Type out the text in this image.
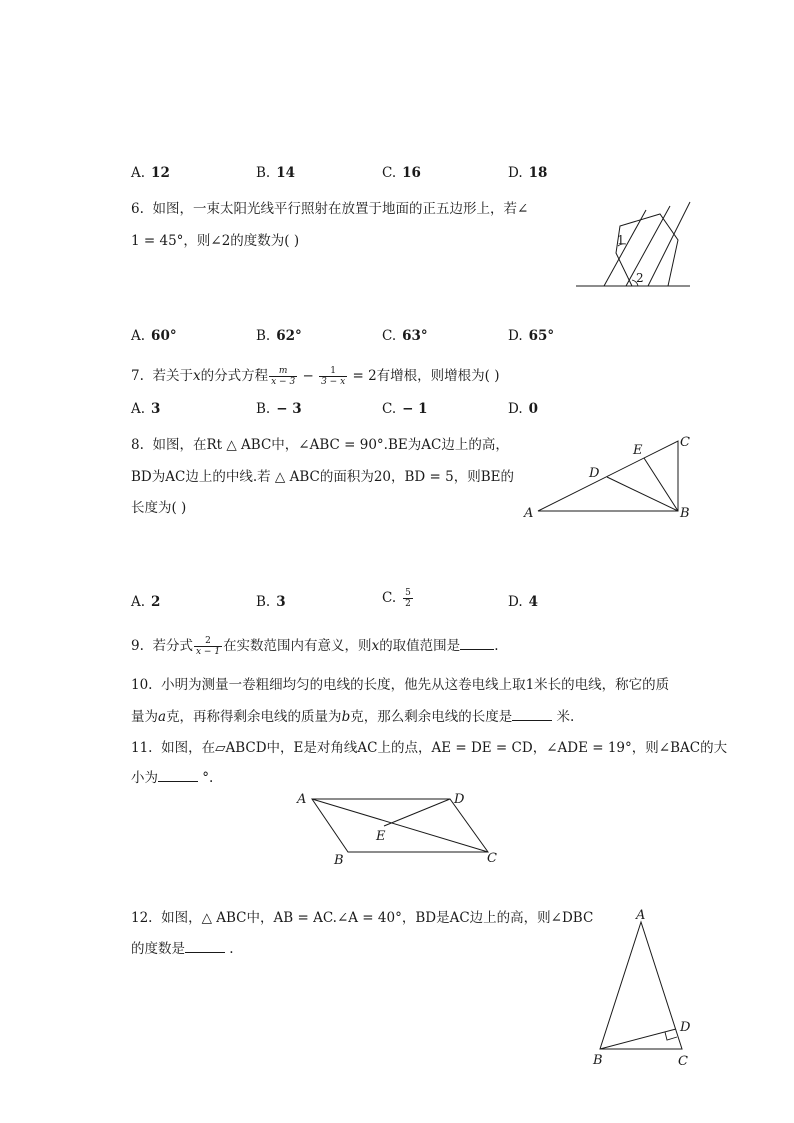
A. 12	B. 14	C. 16	D. 18
6. 如图，一束太阳光线平行照射在放置于地面的正五边形上，若∠
1 = 45°，则∠2的度数为( )	1
2
A. 60°	B. 62°	C. 63°	D. 65°
7. 若关于x的分式方程 $\frac{m}{x - 3} - \frac{1}{3 - x} = 2$有增根，则增根为( )
A. 3	B. − 3	C. − 1	D. 0
8. 如图，在Rt △ ABC中，∠ABC = 90°.BE为AC边上的高，
BD为AC边上的中线.若 △ ABC的面积为20，BD = 5，则BE的
长度为( )	A	B
C
D
E
A. 2	B. 3	C. $\frac{5}{2}$	D. 4
9. 若分式 $\frac{2}{x - 1}$ 在实数范围内有意义，则x的取值范围是	.
10. 小明为测量一卷粗细均匀的电线的长度，他先从这卷电线上取1米长的电线，称它的质
量为a克，再称得剩余电线的质量为b克，那么剩余电线的长度是	米.
11. 如图，在▱ABCD中，E是对角线AC上的点，AE = DE = CD，∠ADE = 19°，则∠BAC的大
小为	°.
A	D
C
B
E
12. 如图，△ ABC中，AB = AC.∠A = 40°，BD是AC边上的高，则∠DBC
的度数是	.
A
B	C
D
